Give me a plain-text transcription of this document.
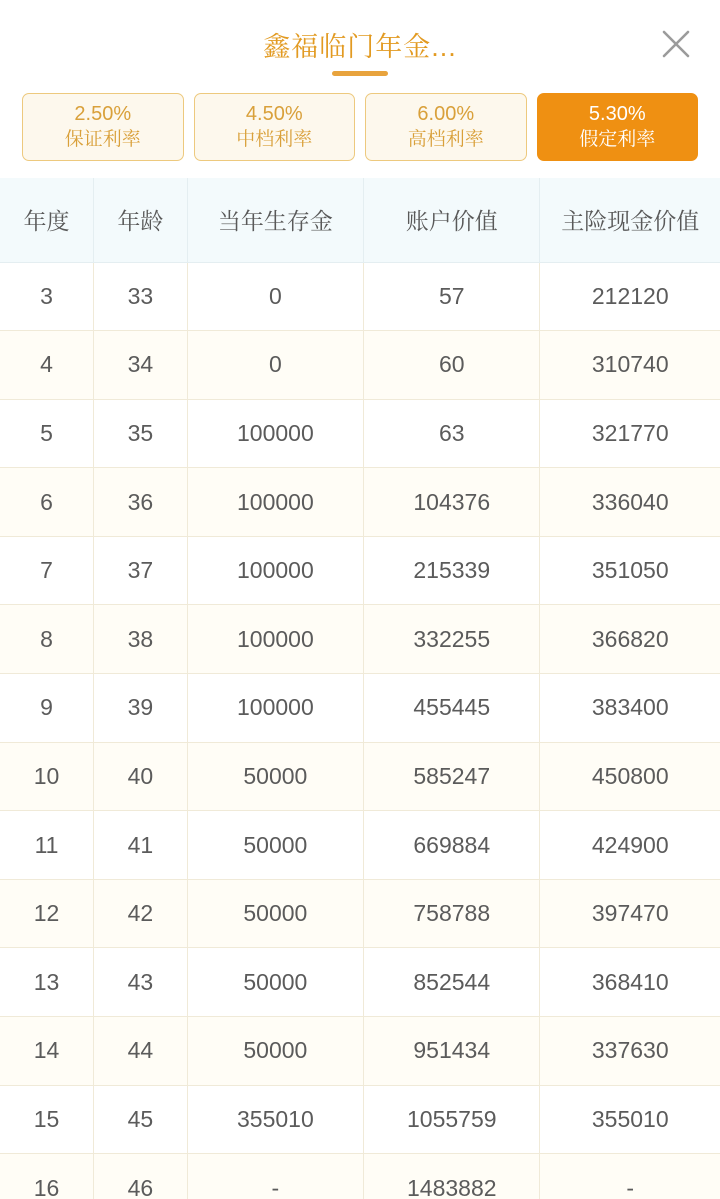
鑫福临门年金...
2.50%
保证利率
4.50%
中档利率
6.00%
高档利率
5.30%
假定利率
年度	年龄	当年生存金	账户价值	主险现金价值
3	33	0	57	212120
4	34	0	60	310740
5	35	100000	63	321770
6	36	100000	104376	336040
7	37	100000	215339	351050
8	38	100000	332255	366820
9	39	100000	455445	383400
10	40	50000	585247	450800
11	41	50000	669884	424900
12	42	50000	758788	397470
13	43	50000	852544	368410
14	44	50000	951434	337630
15	45	355010	1055759	355010
16	46	-	1483882	-
